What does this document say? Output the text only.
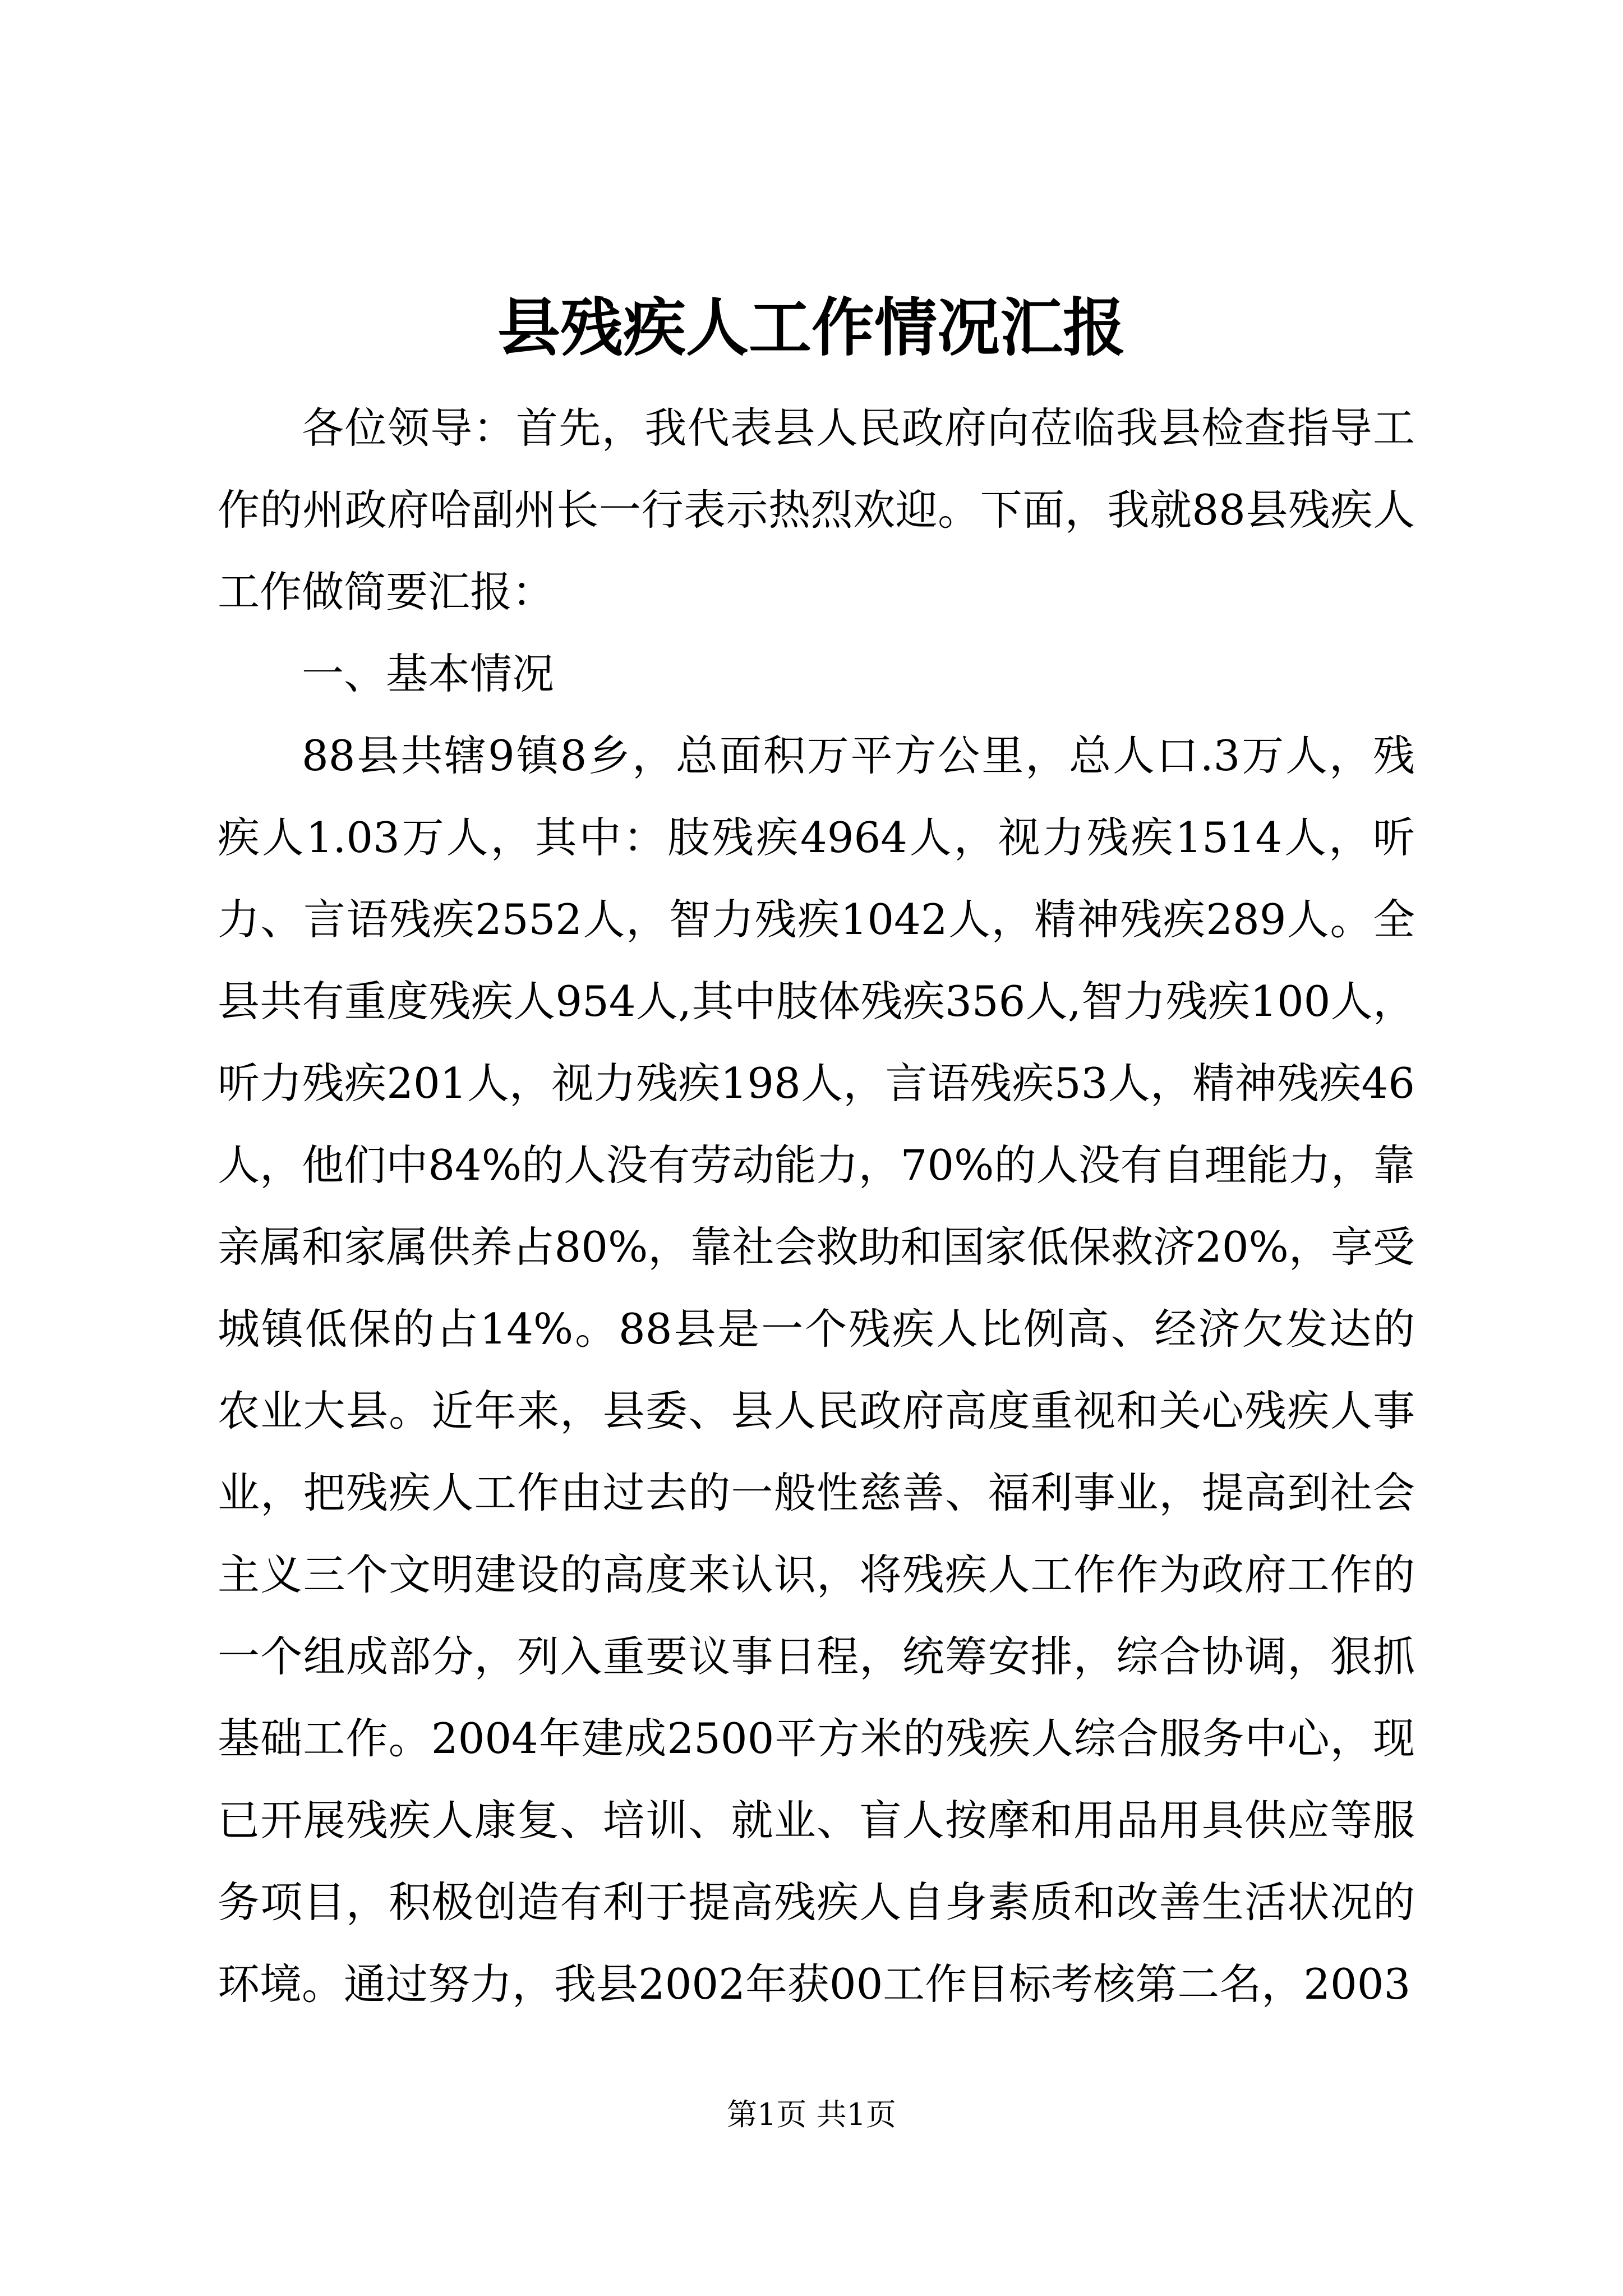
县残疾人工作情况汇报

各位领导：首先，我代表县人民政府向莅临我县检查指导工作的州政府哈副州长一行表示热烈欢迎。下面，我就88县残疾人工作做简要汇报：

一、基本情况

88县共辖9镇8乡，总面积万平方公里，总人口.3万人，残疾人1.03万人，其中：肢残疾4964人，视力残疾1514人，听力、言语残疾2552人，智力残疾1042人，精神残疾289人。全县共有重度残疾人954人,其中肢体残疾356人,智力残疾100人，听力残疾201人，视力残疾198人，言语残疾53人，精神残疾46人，他们中84%的人没有劳动能力，70%的人没有自理能力，靠亲属和家属供养占80%，靠社会救助和国家低保救济20%，享受城镇低保的占14%。88县是一个残疾人比例高、经济欠发达的农业大县。近年来，县委、县人民政府高度重视和关心残疾人事业，把残疾人工作由过去的一般性慈善、福利事业，提高到社会主义三个文明建设的高度来认识，将残疾人工作作为政府工作的一个组成部分，列入重要议事日程，统筹安排，综合协调，狠抓基础工作。2004年建成2500平方米的残疾人综合服务中心，现已开展残疾人康复、培训、就业、盲人按摩和用品用具供应等服务项目，积极创造有利于提高残疾人自身素质和改善生活状况的环境。通过努力，我县2002年获00工作目标考核第二名，2003

第1页 共1页
